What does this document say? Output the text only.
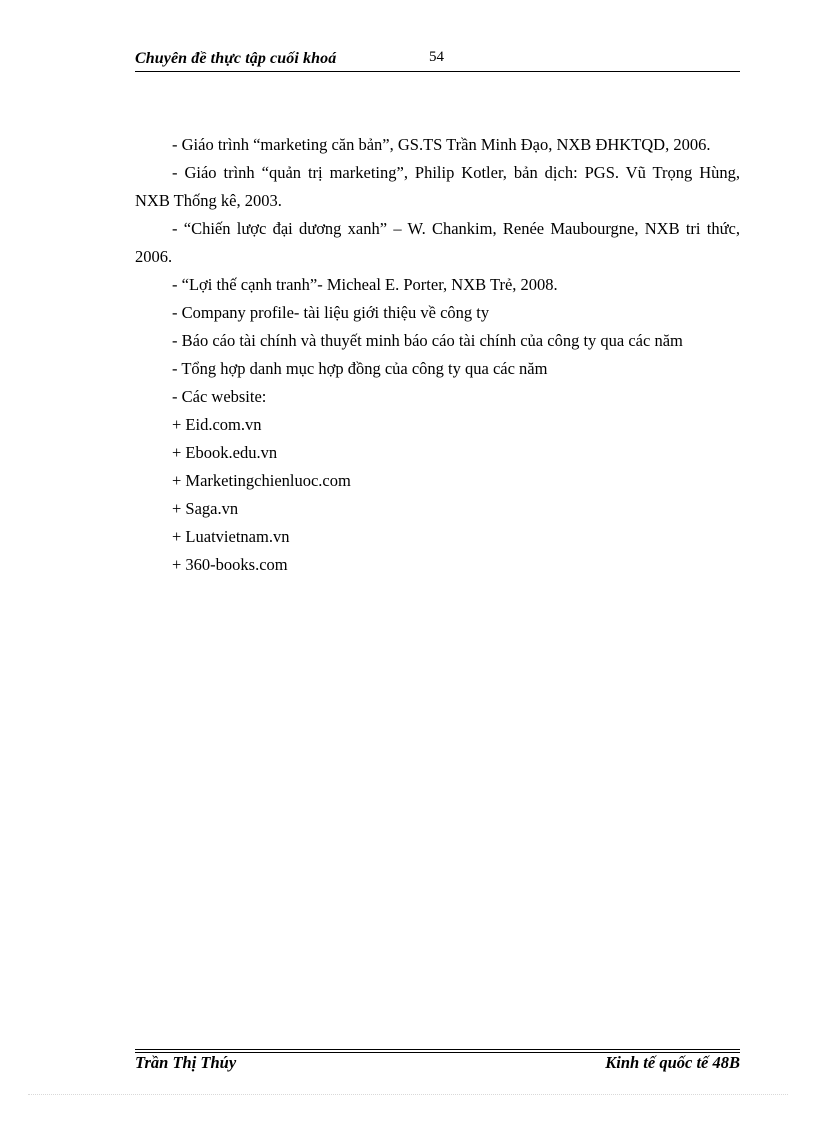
Chuyên đề thực tập cuối khoá	54

- Giáo trình “marketing căn bản”, GS.TS Trần Minh Đạo, NXB ĐHKTQD, 2006.

- Giáo trình “quản trị marketing”, Philip Kotler, bản dịch: PGS. Vũ Trọng Hùng, NXB Thống kê, 2003.

- “Chiến lược đại dương xanh” – W. Chankim, Renée Maubourgne, NXB tri thức, 2006.

- “Lợi thế cạnh tranh”- Micheal E. Porter, NXB Trẻ, 2008.

- Company profile- tài liệu giới thiệu về công ty

- Báo cáo tài chính và thuyết minh báo cáo tài chính của công ty qua các năm

- Tổng hợp danh mục hợp đồng của công ty qua các năm

- Các website:

+ Eid.com.vn

+ Ebook.edu.vn

+ Marketingchienluoc.com

+ Saga.vn

+ Luatvietnam.vn

+ 360-books.com

Trần Thị Thúy	Kinh tế quốc tế 48B
